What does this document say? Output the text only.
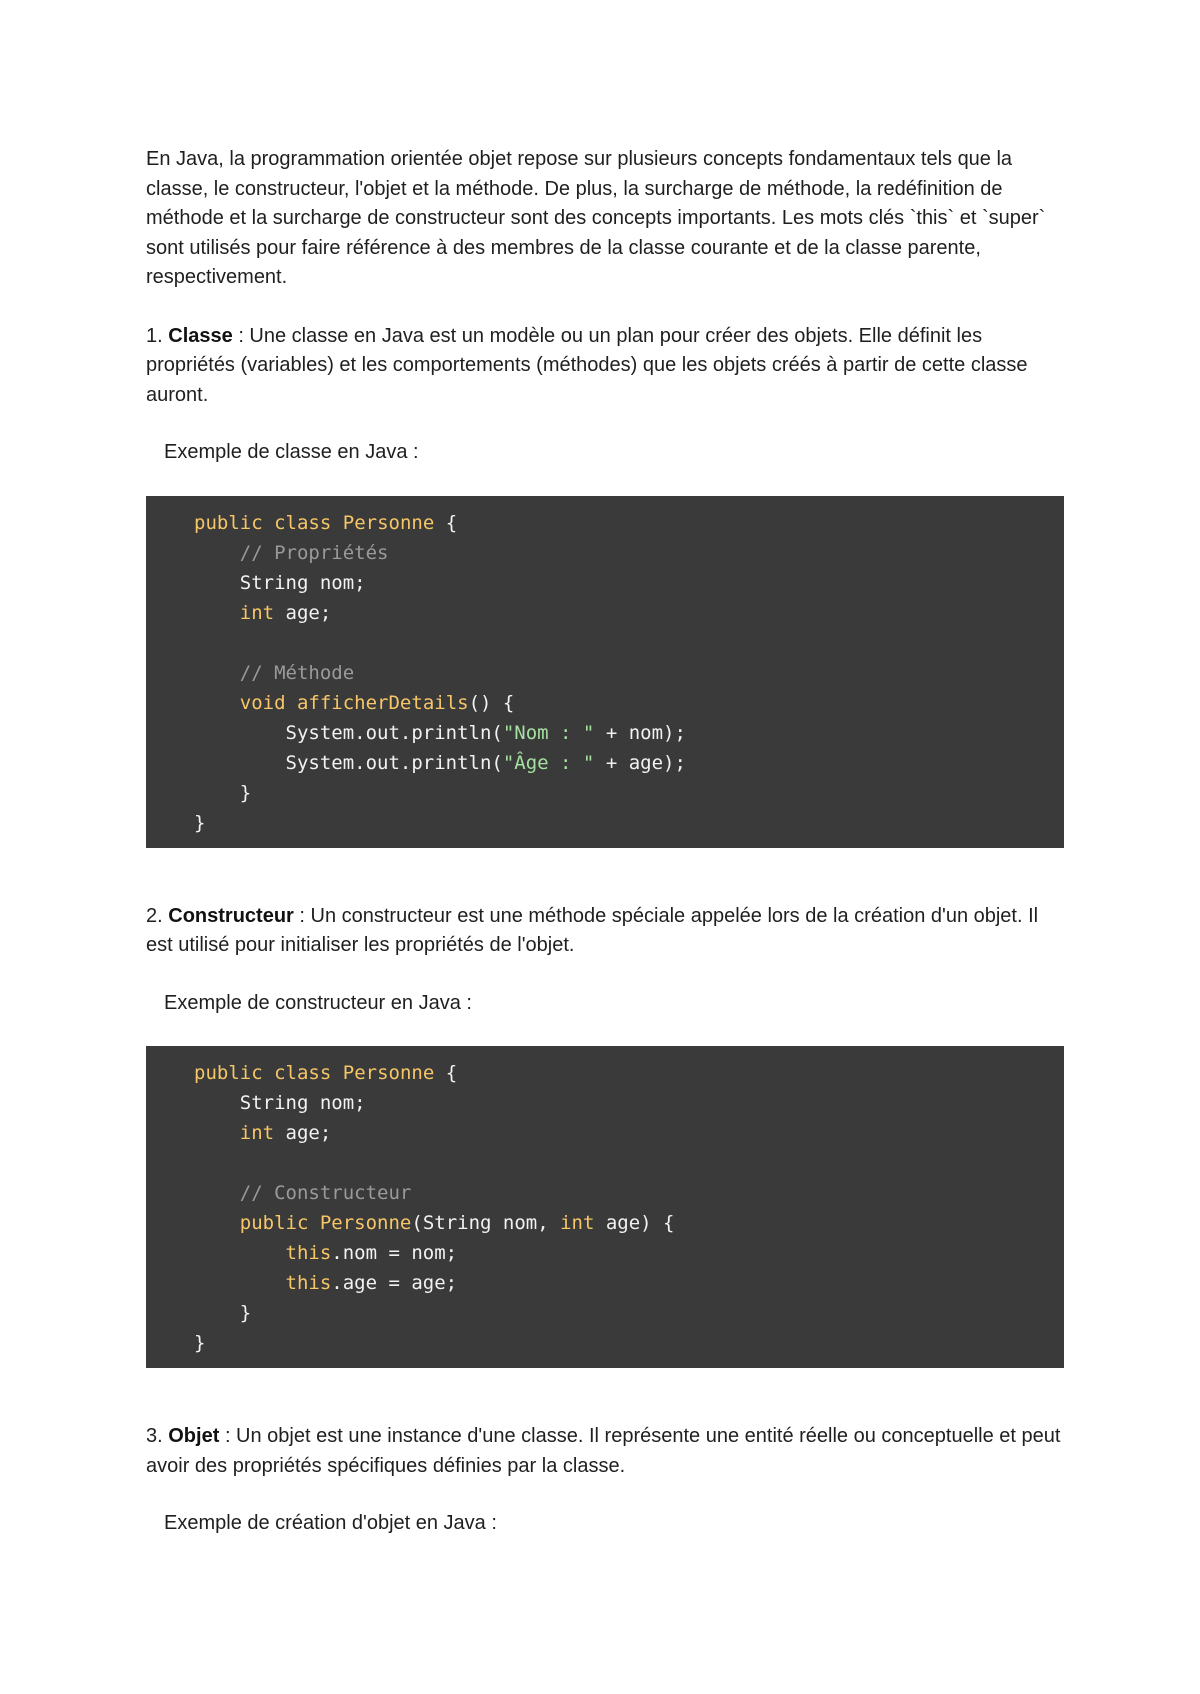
En Java, la programmation orientée objet repose sur plusieurs concepts fondamentaux tels que la classe, le constructeur, l'objet et la méthode. De plus, la surcharge de méthode, la redéfinition de méthode et la surcharge de constructeur sont des concepts importants. Les mots clés `this` et `super` sont utilisés pour faire référence à des membres de la classe courante et de la classe parente, respectivement.

1. Classe : Une classe en Java est un modèle ou un plan pour créer des objets. Elle définit les propriétés (variables) et les comportements (méthodes) que les objets créés à partir de cette classe auront.

Exemple de classe en Java :

public class Personne {
// Propriétés
String nom;
int age;
// Méthode
void afficherDetails() {
System.out.println("Nom : " + nom);
System.out.println("Âge : " + age);
}
}

2. Constructeur : Un constructeur est une méthode spéciale appelée lors de la création d'un objet. Il est utilisé pour initialiser les propriétés de l'objet.

Exemple de constructeur en Java :

public class Personne {
String nom;
int age;
// Constructeur
public Personne(String nom, int age) {
this.nom = nom;
this.age = age;
}
}

3. Objet : Un objet est une instance d'une classe. Il représente une entité réelle ou conceptuelle et peut avoir des propriétés spécifiques définies par la classe.

Exemple de création d'objet en Java :
